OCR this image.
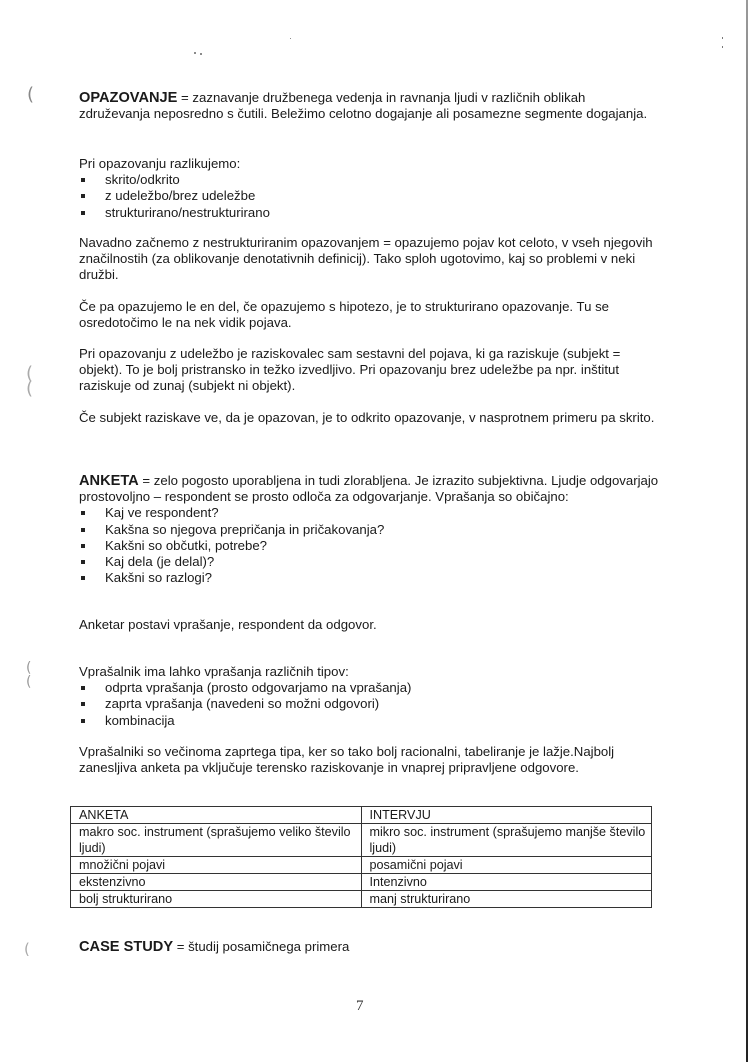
(
(
(
(
(
(

OPAZOVANJE = zaznavanje družbenega vedenja in ravnanja ljudi v različnih oblikah združevanja neposredno s čutili. Beležimo celotno dogajanje ali posamezne segmente dogajanja.

Pri opazovanju razlikujemo:

skrito/odkrito
z udeležbo/brez udeležbe
strukturirano/nestrukturirano

Navadno začnemo z nestrukturiranim opazovanjem = opazujemo pojav kot celoto, v vseh njegovih značilnostih (za oblikovanje denotativnih definicij). Tako sploh ugotovimo, kaj so problemi v neki družbi.

Če pa opazujemo le en del, če opazujemo s hipotezo, je to strukturirano opazovanje. Tu se osredotočimo le na nek vidik pojava.

Pri opazovanju z udeležbo je raziskovalec sam sestavni del pojava, ki ga raziskuje (subjekt = objekt). To je bolj pristransko in težko izvedljivo. Pri opazovanju brez udeležbe pa npr. inštitut raziskuje od zunaj (subjekt ni objekt).

Če subjekt raziskave ve, da je opazovan, je to odkrito opazovanje, v nasprotnem primeru pa skrito.

ANKETA = zelo pogosto uporabljena in tudi zlorabljena. Je izrazito subjektivna. Ljudje odgovarjajo prostovoljno – respondent se prosto odloča za odgovarjanje. Vprašanja so običajno:

Kaj ve respondent?
Kakšna so njegova prepričanja in pričakovanja?
Kakšni so občutki, potrebe?
Kaj dela (je delal)?
Kakšni so razlogi?

Anketar postavi vprašanje, respondent da odgovor.

Vprašalnik ima lahko vprašanja različnih tipov:

odprta vprašanja (prosto odgovarjamo na vprašanja)
zaprta vprašanja (navedeni so možni odgovori)
kombinacija

Vprašalniki so večinoma zaprtega tipa, ker so tako bolj racionalni, tabeliranje je lažje.Najbolj zanesljiva anketa pa vključuje terensko raziskovanje in vnaprej pripravljene odgovore.

ANKETA	INTERVJU
makro soc. instrument (sprašujemo veliko število ljudi)	mikro soc. instrument (sprašujemo manjše število ljudi)
množični pojavi	posamični pojavi
ekstenzivno	Intenzivno
bolj strukturirano	manj strukturirano

CASE STUDY = študij posamičnega primera

7
